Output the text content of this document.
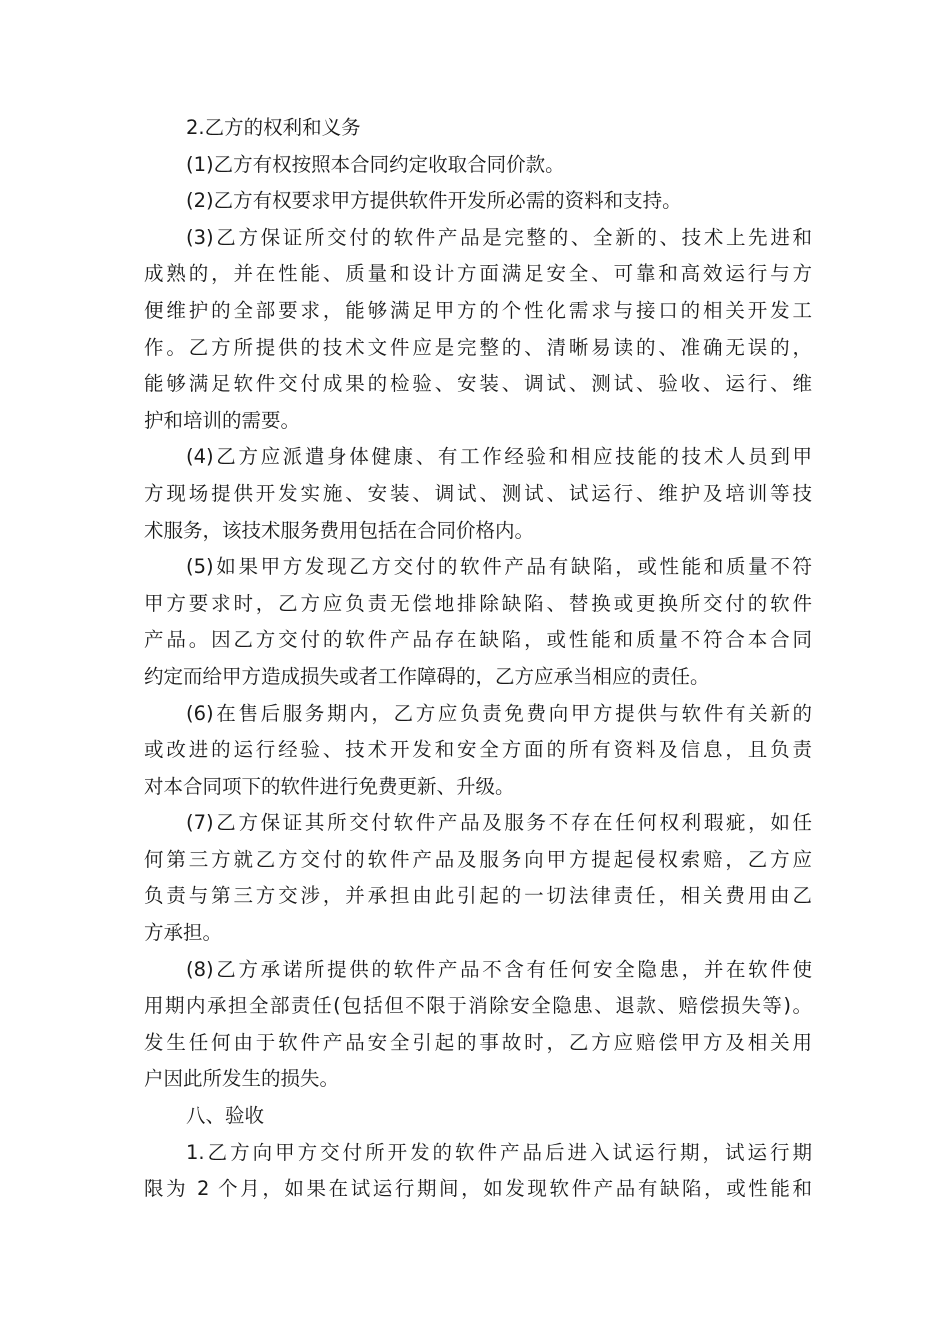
2.乙方的权利和义务
(1)乙方有权按照本合同约定收取合同价款。
(2)乙方有权要求甲方提供软件开发所必需的资料和支持。
(3)乙方保证所交付的软件产品是完整的、全新的、技术上先进和
成熟的，并在性能、质量和设计方面满足安全、可靠和高效运行与方
便维护的全部要求，能够满足甲方的个性化需求与接口的相关开发工
作。乙方所提供的技术文件应是完整的、清晰易读的、准确无误的，
能够满足软件交付成果的检验、安装、调试、测试、验收、运行、维
护和培训的需要。
(4)乙方应派遣身体健康、有工作经验和相应技能的技术人员到甲
方现场提供开发实施、安装、调试、测试、试运行、维护及培训等技
术服务，该技术服务费用包括在合同价格内。
(5)如果甲方发现乙方交付的软件产品有缺陷，或性能和质量不符
甲方要求时，乙方应负责无偿地排除缺陷、替换或更换所交付的软件
产品。因乙方交付的软件产品存在缺陷，或性能和质量不符合本合同
约定而给甲方造成损失或者工作障碍的，乙方应承当相应的责任。
(6)在售后服务期内，乙方应负责免费向甲方提供与软件有关新的
或改进的运行经验、技术开发和安全方面的所有资料及信息，且负责
对本合同项下的软件进行免费更新、升级。
(7)乙方保证其所交付软件产品及服务不存在任何权利瑕疵，如任
何第三方就乙方交付的软件产品及服务向甲方提起侵权索赔，乙方应
负责与第三方交涉，并承担由此引起的一切法律责任，相关费用由乙
方承担。
(8)乙方承诺所提供的软件产品不含有任何安全隐患，并在软件使
用期内承担全部责任(包括但不限于消除安全隐患、退款、赔偿损失等)。
发生任何由于软件产品安全引起的事故时，乙方应赔偿甲方及相关用
户因此所发生的损失。
八、验收
1.乙方向甲方交付所开发的软件产品后进入试运行期，试运行期
限为 2 个月，如果在试运行期间，如发现软件产品有缺陷，或性能和
